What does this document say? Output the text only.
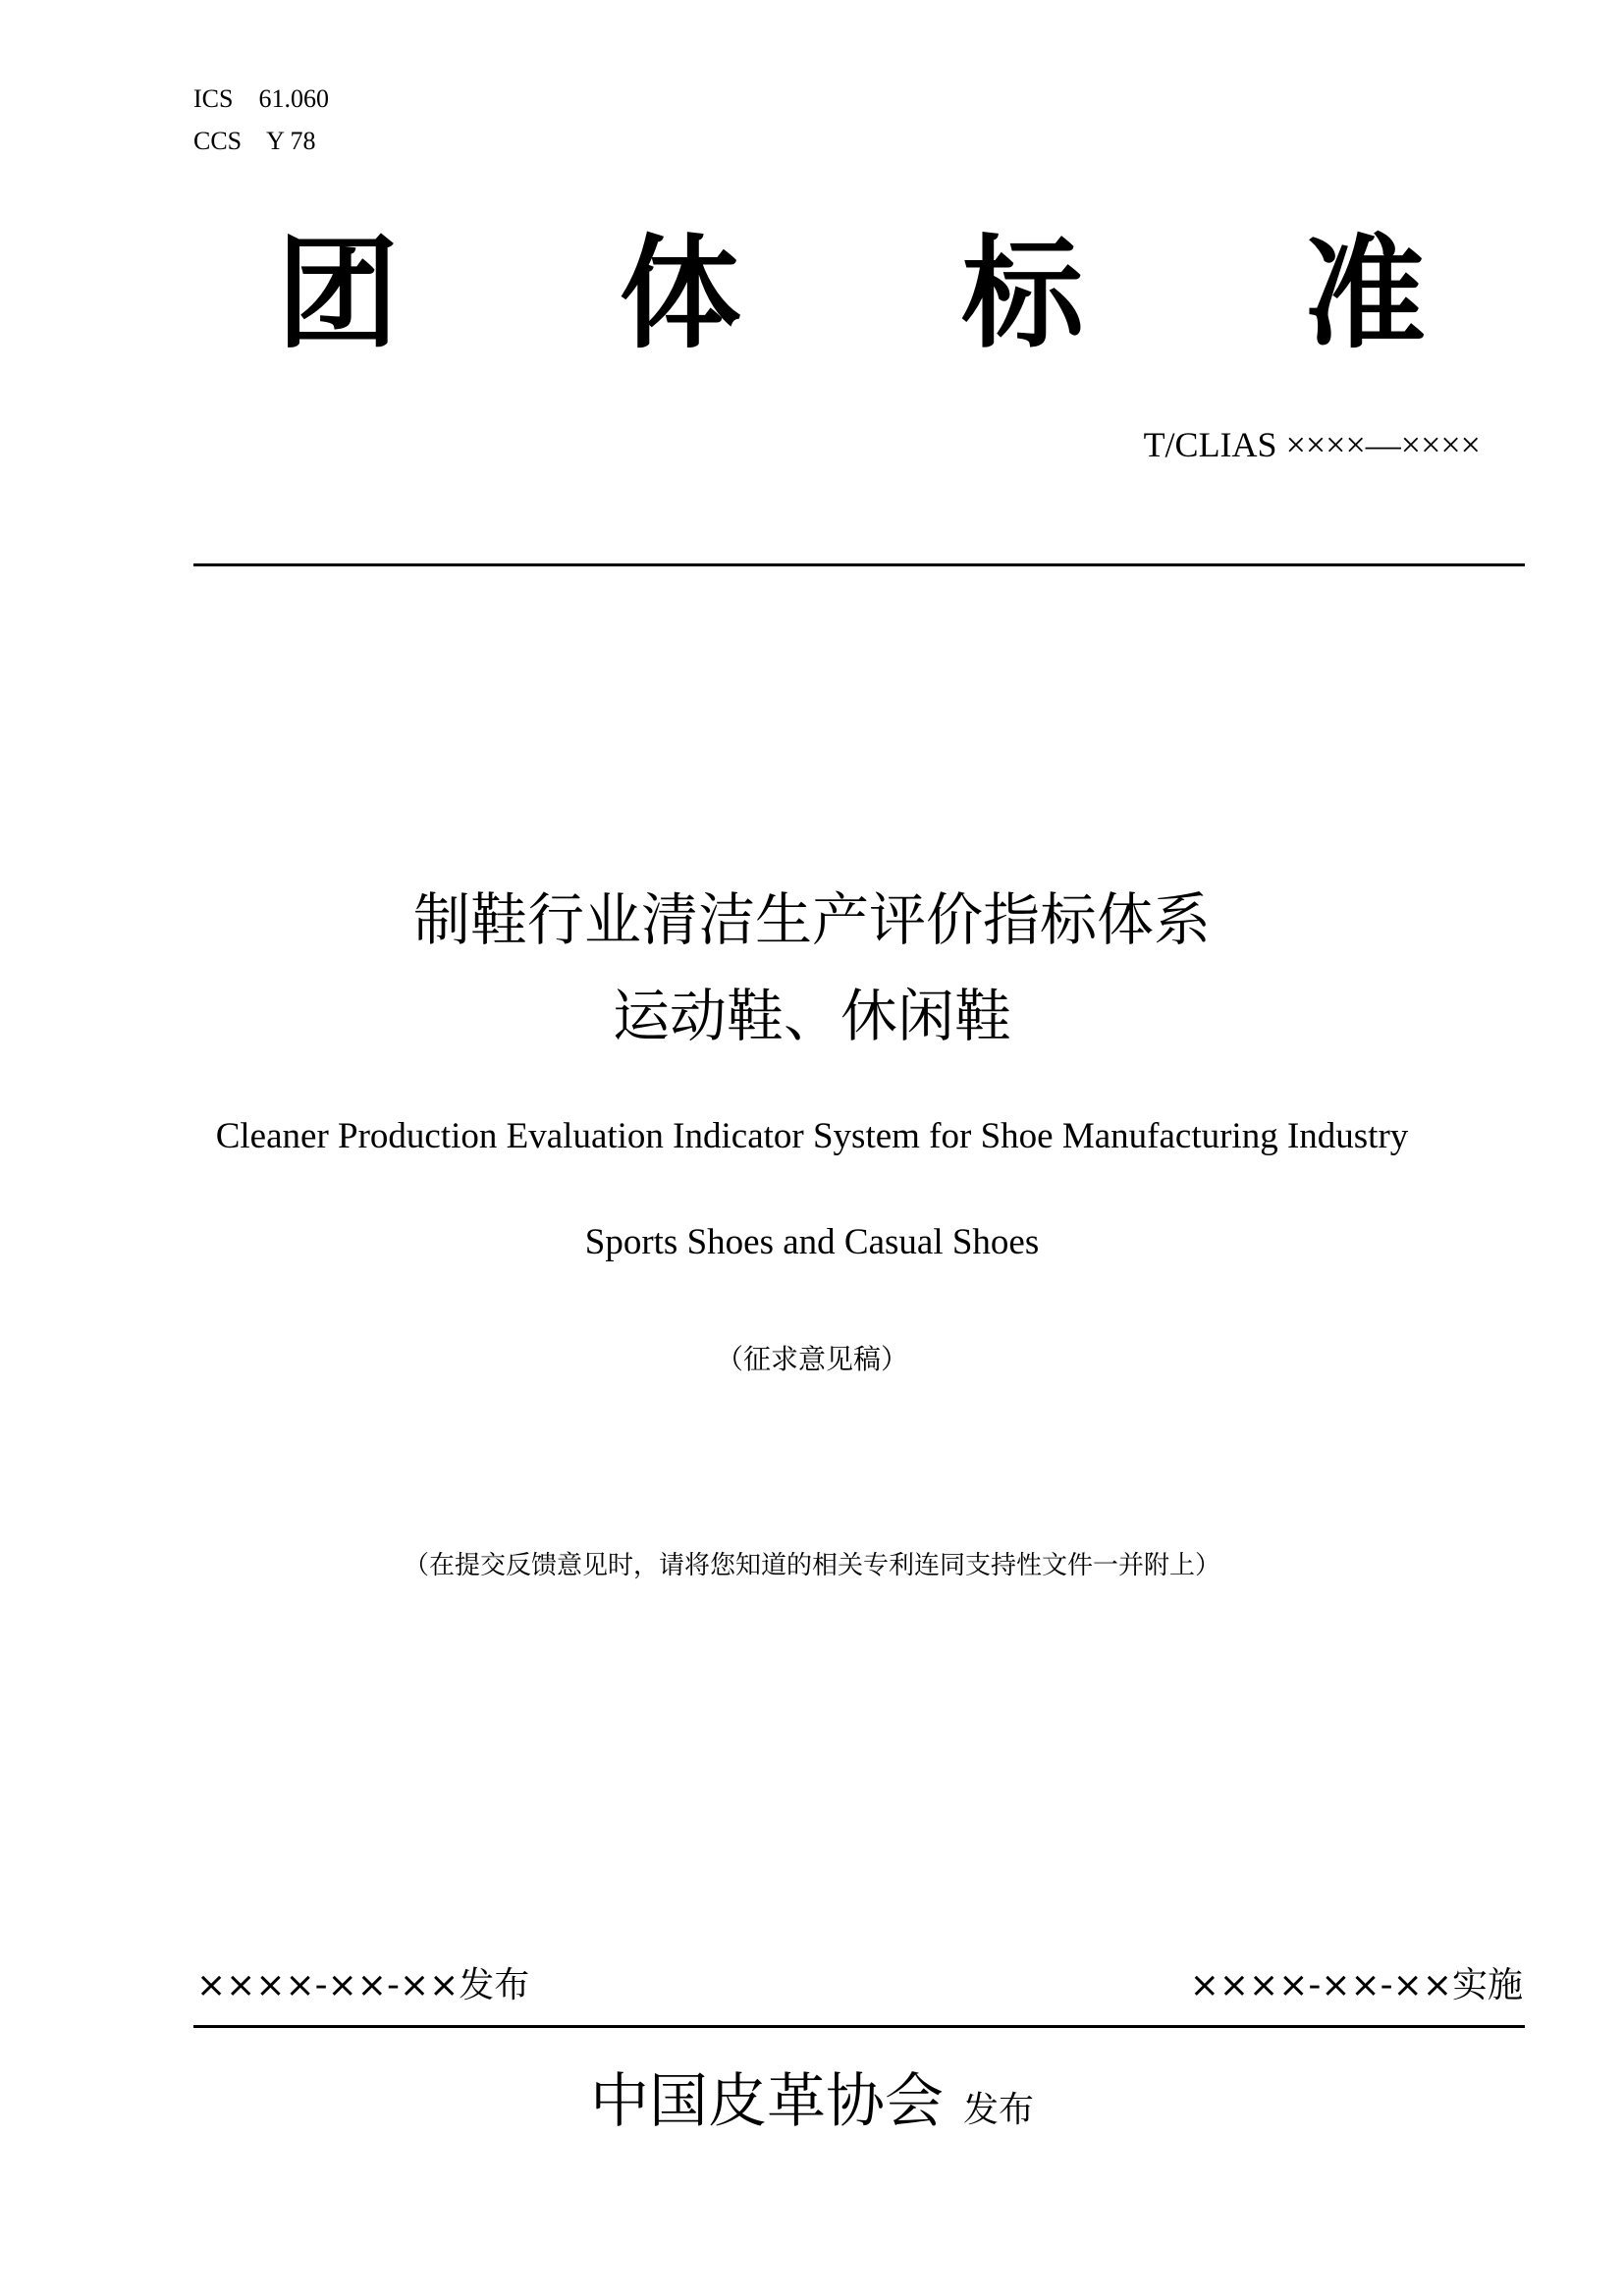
ICS    61.060
CCS    Y 78
团 体 标 准
T/CLIAS ××××—××××
制鞋行业清洁生产评价指标体系
运动鞋、休闲鞋
Cleaner Production Evaluation Indicator System for Shoe Manufacturing Industry
Sports Shoes and Casual Shoes
（征求意见稿）
（在提交反馈意见时，请将您知道的相关专利连同支持性文件一并附上）
××××-××-××发布	××××-××-××实施
中国皮革协会 发布
